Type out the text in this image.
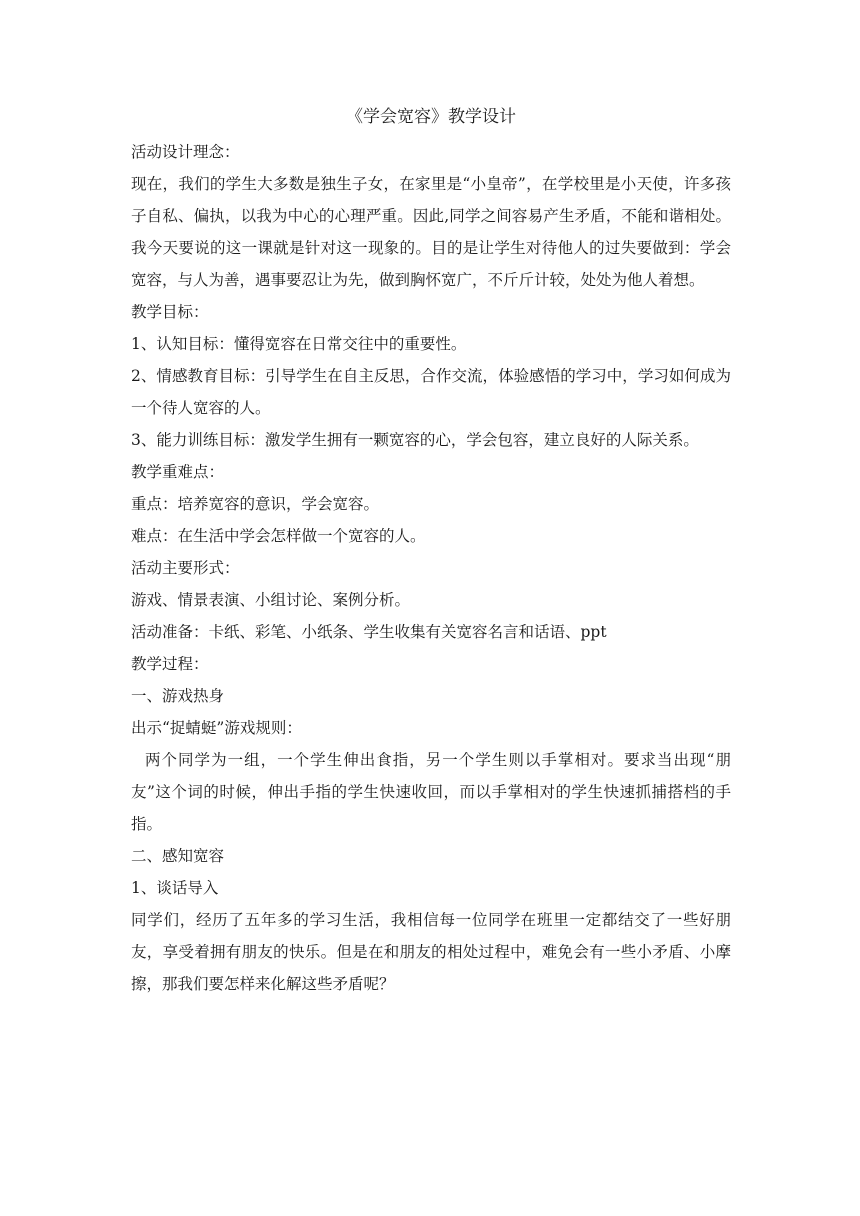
《学会宽容》教学设计

活动设计理念：

现在，我们的学生大多数是独生子女，在家里是“小皇帝”，在学校里是小天使，许多孩子自私、偏执，以我为中心的心理严重。因此,同学之间容易产生矛盾，不能和谐相处。我今天要说的这一课就是针对这一现象的。目的是让学生对待他人的过失要做到：学会宽容，与人为善，遇事要忍让为先，做到胸怀宽广，不斤斤计较，处处为他人着想。

教学目标：

1、认知目标：懂得宽容在日常交往中的重要性。

2、情感教育目标：引导学生在自主反思，合作交流，体验感悟的学习中，学习如何成为一个待人宽容的人。

3、能力训练目标：激发学生拥有一颗宽容的心，学会包容，建立良好的人际关系。

教学重难点：

重点：培养宽容的意识，学会宽容。

难点：在生活中学会怎样做一个宽容的人。

活动主要形式：

游戏、情景表演、小组讨论、案例分析。

活动准备：卡纸、彩笔、小纸条、学生收集有关宽容名言和话语、ppt

教学过程：

一、游戏热身

出示“捉蜻蜓”游戏规则：

两个同学为一组，一个学生伸出食指，另一个学生则以手掌相对。要求当出现“朋友”这个词的时候，伸出手指的学生快速收回，而以手掌相对的学生快速抓捕搭档的手指。

二、感知宽容

1、谈话导入

同学们，经历了五年多的学习生活，我相信每一位同学在班里一定都结交了一些好朋友，享受着拥有朋友的快乐。但是在和朋友的相处过程中，难免会有一些小矛盾、小摩擦，那我们要怎样来化解这些矛盾呢？
